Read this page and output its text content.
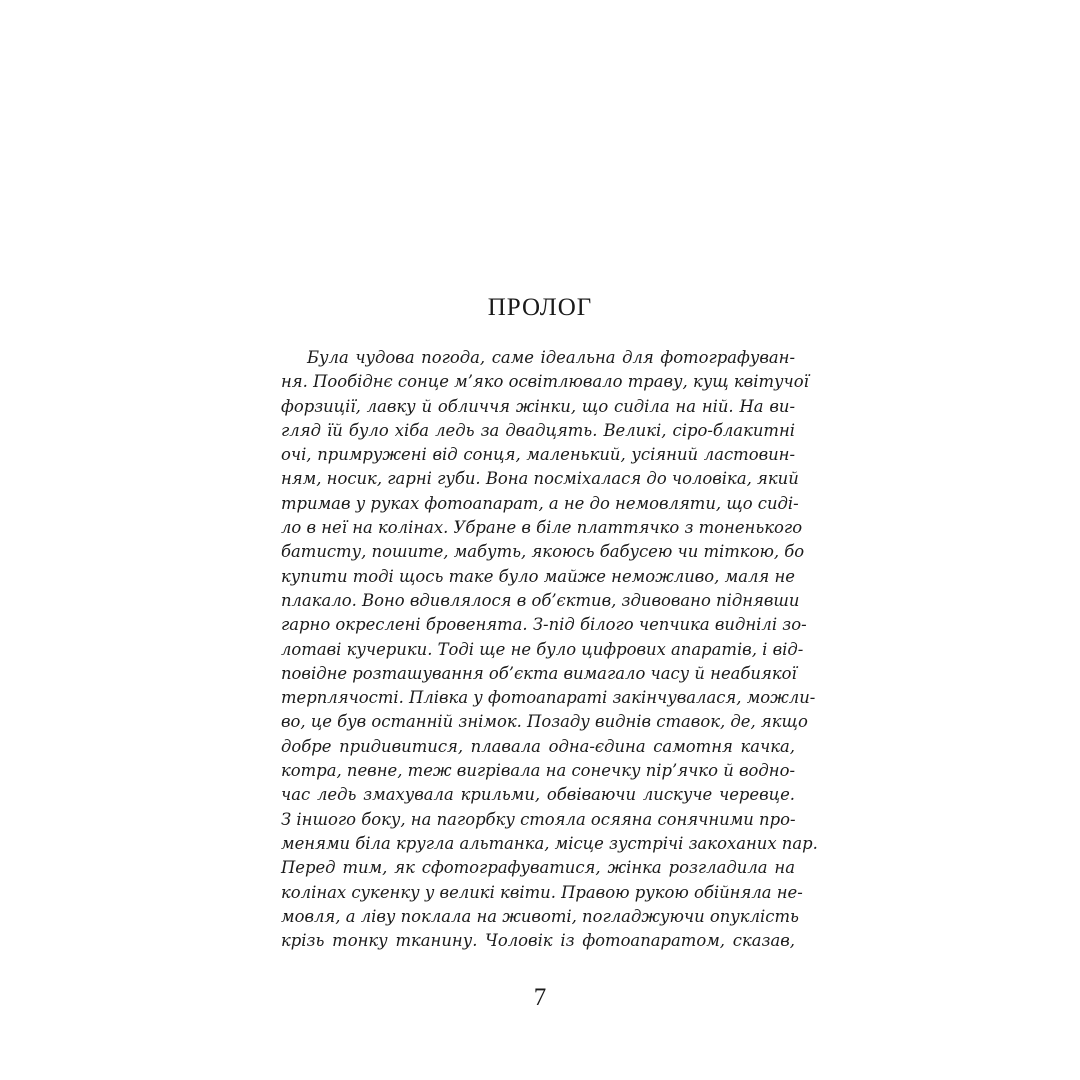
ПРОЛОГ
Була чудова погода, саме ідеальна для фотографуван-
ня. Пообіднє сонце м’яко освітлювало траву, кущ квітучої
форзиції, лавку й обличчя жінки, що сиділа на ній. На ви-
гляд їй було хіба ледь за двадцять. Великі, сіро-блакитні
очі, примружені від сонця, маленький, усіяний ластовин-
ням, носик, гарні губи. Вона посміхалася до чоловіка, який
тримав у руках фотоапарат, а не до немовляти, що сиді-
ло в неї на колінах. Убране в біле платтячко з тоненького
батисту, пошите, мабуть, якоюсь бабусею чи тіткою, бо
купити тоді щось таке було майже неможливо, маля не
плакало. Воно вдивлялося в об’єктив, здивовано піднявши
гарно окреслені бровенята. З-під білого чепчика виднілі зо-
лотаві кучерики. Тоді ще не було цифрових апаратів, і від-
повідне розташування об’єкта вимагало часу й неабиякої
терплячості. Плівка у фотоапараті закінчувалася, можли-
во, це був останній знімок. Позаду виднів ставок, де, якщо
добре придивитися, плавала одна-єдина самотня качка,
котра, певне, теж вигрівала на сонечку пір’ячко й водно-
час ледь змахувала крильми, обвіваючи лискуче черевце.
З іншого боку, на пагорбку стояла осяяна сонячними про-
менями біла кругла альтанка, місце зустрічі закоханих пар.
Перед тим, як сфотографуватися, жінка розгладила на
колінах сукенку у великі квіти. Правою рукою обійняла не-
мовля, а ліву поклала на животі, погладжуючи опуклість
крізь тонку тканину. Чоловік із фотоапаратом, сказав,
7
